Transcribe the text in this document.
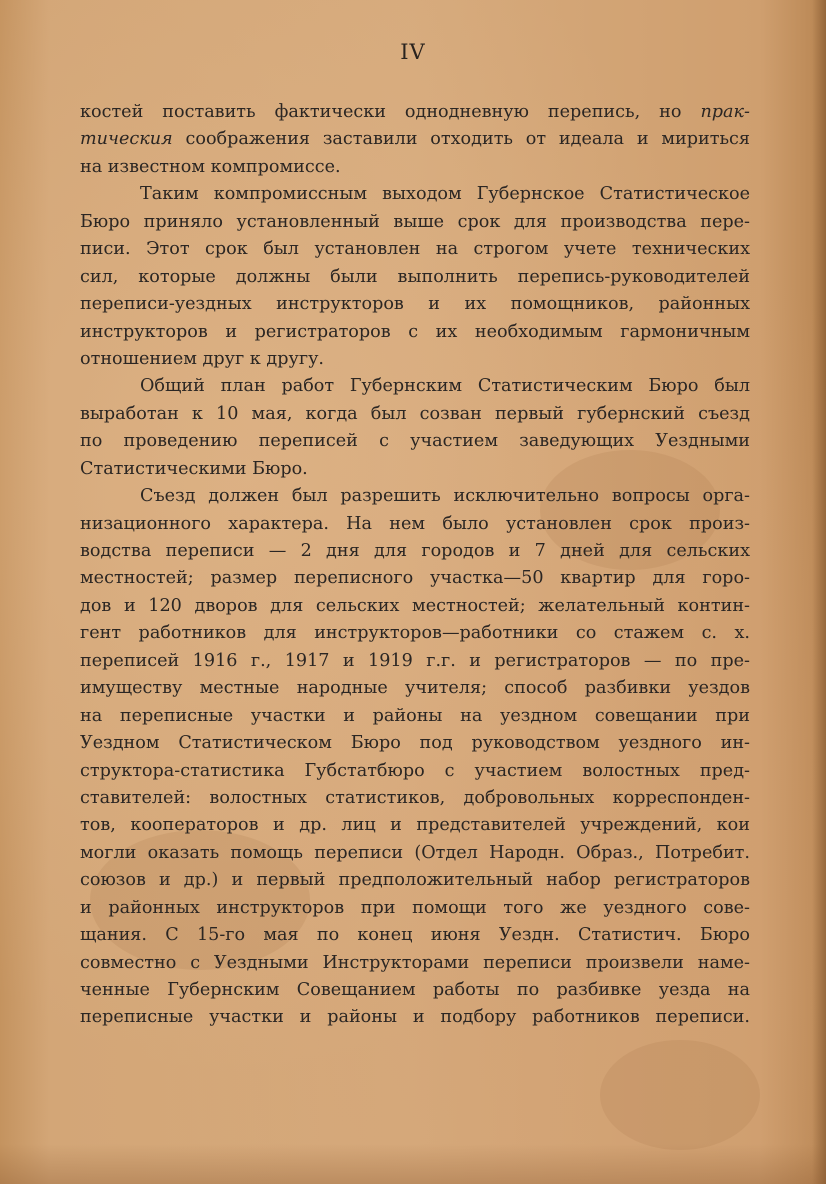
IV
костей поставить фактически однодневную перепись, но прак-
тическия соображения заставили отходить от идеала и мириться
на известном компромиссе.
Таким компромиссным выходом Губернское Статистическое
Бюро приняло установленный выше срок для производства пере-
писи. Этот срок был установлен на строгом учете технических
сил, которые должны были выполнить перепись-руководителей
переписи-уездных инструкторов и их помощников, районных
инструкторов и регистраторов с их необходимым гармоничным
отношением друг к другу.
Общий план работ Губернским Статистическим Бюро был
выработан к 10 мая, когда был созван первый губернский съезд
по проведению переписей с участием заведующих Уездными
Статистическими Бюро.
Съезд должен был разрешить исключительно вопросы орга-
низационного характера. На нем было установлен срок произ-
водства переписи — 2 дня для городов и 7 дней для сельских
местностей; размер переписного участка—50 квартир для горо-
дов и 120 дворов для сельских местностей; желательный контин-
гент работников для инструкторов—работники со стажем с. х.
переписей 1916 г., 1917 и 1919 г.г. и регистраторов — по пре-
имуществу местные народные учителя; способ разбивки уездов
на переписные участки и районы на уездном совещании при
Уездном Статистическом Бюро под руководством уездного ин-
структора-статистика Губстатбюро с участием волостных пред-
ставителей: волостных статистиков, добровольных корреспонден-
тов, кооператоров и др. лиц и представителей учреждений, кои
могли оказать помощь переписи (Отдел Народн. Образ., Потребит.
союзов и др.) и первый предположительный набор регистраторов
и районных инструкторов при помощи того же уездного сове-
щания. С 15-го мая по конец июня Уездн. Статистич. Бюро
совместно с Уездными Инструкторами переписи произвели наме-
ченные Губернским Совещанием работы по разбивке уезда на
переписные участки и районы и подбору работников переписи.
